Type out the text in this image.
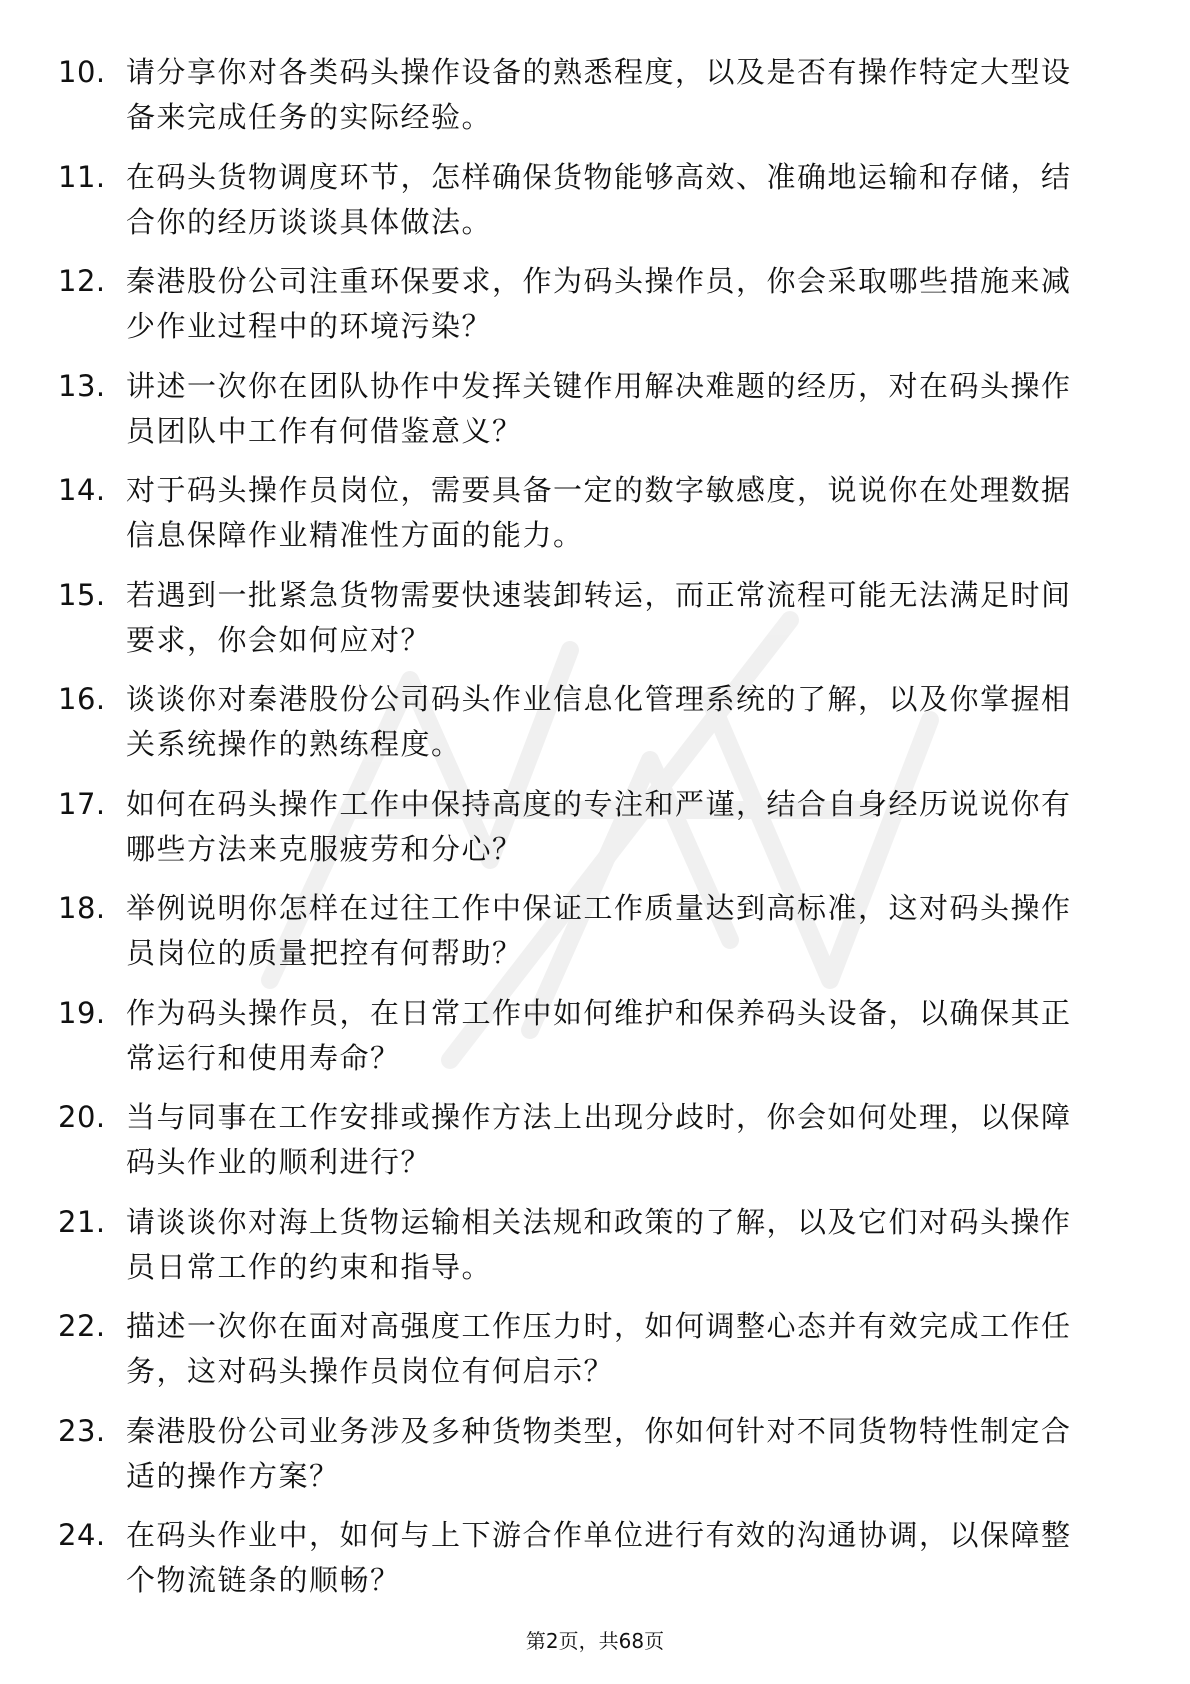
10. 请分享你对各类码头操作设备的熟悉程度，以及是否有操作特定大型设备来完成任务的实际经验。
11. 在码头货物调度环节，怎样确保货物能够高效、准确地运输和存储，结合你的经历谈谈具体做法。
12. 秦港股份公司注重环保要求，作为码头操作员，你会采取哪些措施来减少作业过程中的环境污染？
13. 讲述一次你在团队协作中发挥关键作用解决难题的经历，对在码头操作员团队中工作有何借鉴意义？
14. 对于码头操作员岗位，需要具备一定的数字敏感度，说说你在处理数据信息保障作业精准性方面的能力。
15. 若遇到一批紧急货物需要快速装卸转运，而正常流程可能无法满足时间要求，你会如何应对？
16. 谈谈你对秦港股份公司码头作业信息化管理系统的了解，以及你掌握相关系统操作的熟练程度。
17. 如何在码头操作工作中保持高度的专注和严谨，结合自身经历说说你有哪些方法来克服疲劳和分心？
18. 举例说明你怎样在过往工作中保证工作质量达到高标准，这对码头操作员岗位的质量把控有何帮助？
19. 作为码头操作员，在日常工作中如何维护和保养码头设备，以确保其正常运行和使用寿命？
20. 当与同事在工作安排或操作方法上出现分歧时，你会如何处理，以保障码头作业的顺利进行？
21. 请谈谈你对海上货物运输相关法规和政策的了解，以及它们对码头操作员日常工作的约束和指导。
22. 描述一次你在面对高强度工作压力时，如何调整心态并有效完成工作任务，这对码头操作员岗位有何启示？
23. 秦港股份公司业务涉及多种货物类型，你如何针对不同货物特性制定合适的操作方案？
24. 在码头作业中，如何与上下游合作单位进行有效的沟通协调，以保障整个物流链条的顺畅？
第2页，共68页
